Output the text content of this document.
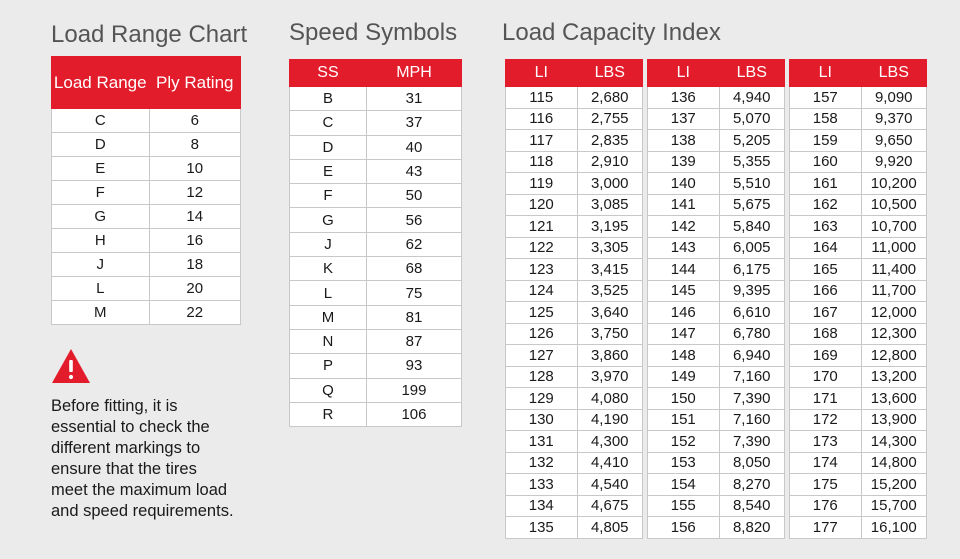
Load Range Chart Speed Symbols Load Capacity Index
Load Range	Ply Rating
C	6
D	8
E	10
F	12
G	14
H	16
J	18
L	20
M	22
SS	MPH
B	31
C	37
D	40
E	43
F	50
G	56
J	62
K	68
L	75
M	81
N	87
P	93
Q	199
R	106
LI	LBS
115	2,680
116	2,755
117	2,835
118	2,910
119	3,000
120	3,085
121	3,195
122	3,305
123	3,415
124	3,525
125	3,640
126	3,750
127	3,860
128	3,970
129	4,080
130	4,190
131	4,300
132	4,410
133	4,540
134	4,675
135	4,805
LI	LBS
136	4,940
137	5,070
138	5,205
139	5,355
140	5,510
141	5,675
142	5,840
143	6,005
144	6,175
145	9,395
146	6,610
147	6,780
148	6,940
149	7,160
150	7,390
151	7,160
152	7,390
153	8,050
154	8,270
155	8,540
156	8,820
LI	LBS
157	9,090
158	9,370
159	9,650
160	9,920
161	10,200
162	10,500
163	10,700
164	11,000
165	11,400
166	11,700
167	12,000
168	12,300
169	12,800
170	13,200
171	13,600
172	13,900
173	14,300
174	14,800
175	15,200
176	15,700
177	16,100

Before fitting, it is essential to check the different markings to ensure that the tires meet the maximum load and speed requirements.
